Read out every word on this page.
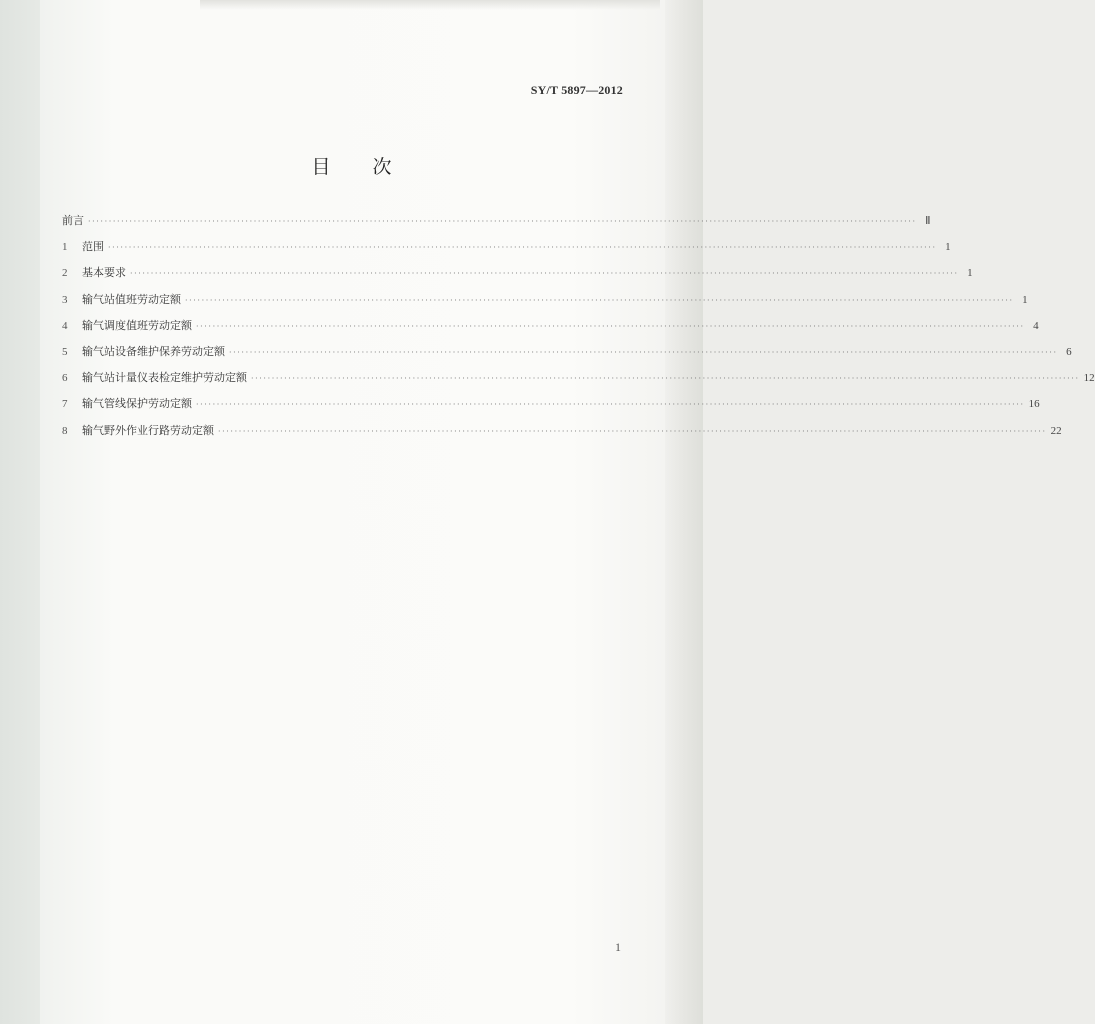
SY/T 5897—2012
目 次
前言 ········································································································································································································ Ⅱ
1	范围 ········································································································································································································ 1
2	基本要求 ········································································································································································································ 1
3	输气站值班劳动定额 ········································································································································································································ 1
4	输气调度值班劳动定额 ········································································································································································································ 4
5	输气站设备维护保养劳动定额 ········································································································································································································ 6
6	输气站计量仪表检定维护劳动定额 ········································································································································································································ 12
7	输气管线保护劳动定额 ········································································································································································································ 16
8	输气野外作业行路劳动定额 ········································································································································································································ 22
1
